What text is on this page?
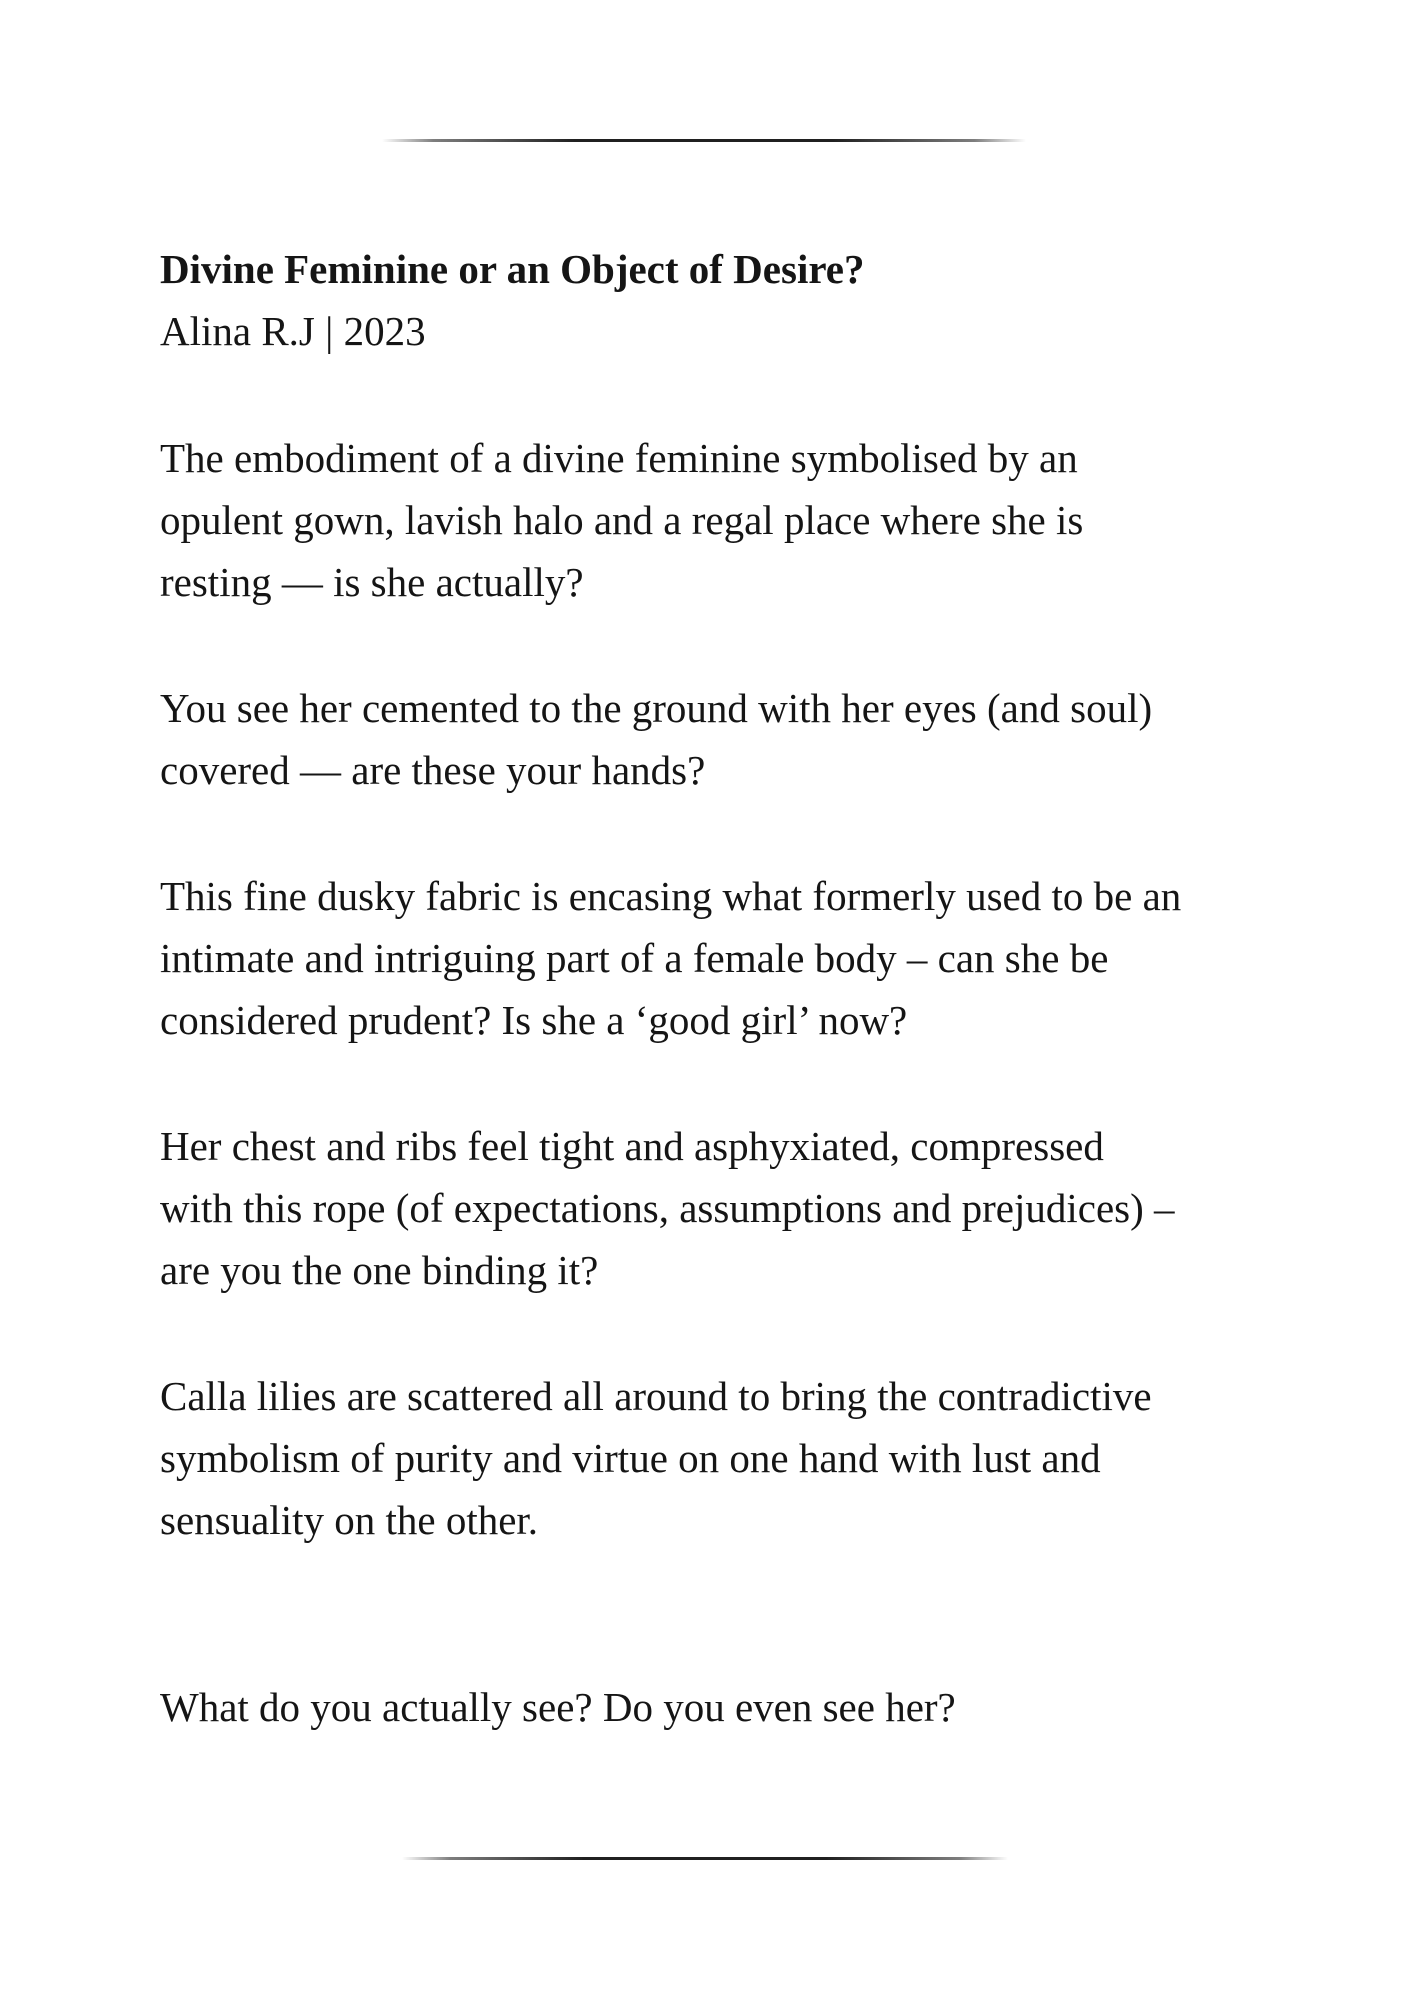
Divine Feminine or an Object of Desire?

Alina R.J | 2023

The embodiment of a divine feminine symbolised by an
opulent gown, lavish halo and a regal place where she is
resting — is she actually?

You see her cemented to the ground with her eyes (and soul)
covered — are these your hands?

This fine dusky fabric is encasing what formerly used to be an
intimate and intriguing part of a female body – can she be
considered prudent? Is she a ‘good girl’ now?

Her chest and ribs feel tight and asphyxiated, compressed
with this rope (of expectations, assumptions and prejudices) –
are you the one binding it?

Calla lilies are scattered all around to bring the contradictive
symbolism of purity and virtue on one hand with lust and
sensuality on the other.

What do you actually see? Do you even see her?
